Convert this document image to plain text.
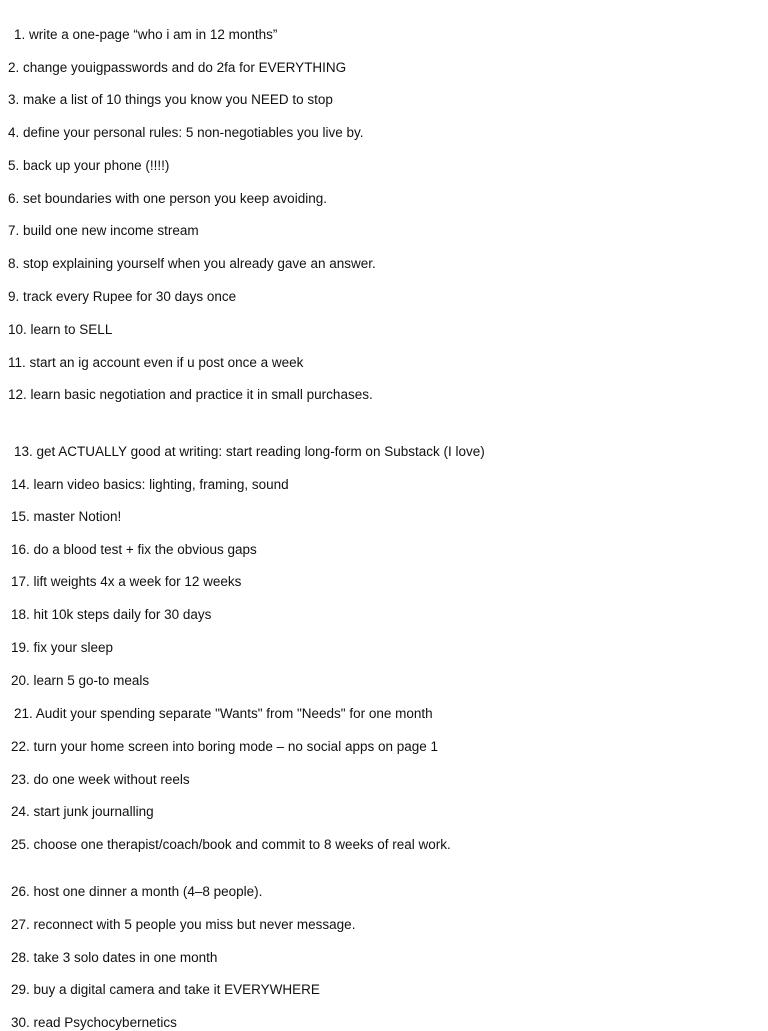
1. write a one-page “who i am in 12 months”
2. change youigpasswords and do 2fa for EVERYTHING
3. make a list of 10 things you know you NEED to stop
4. define your personal rules: 5 non-negotiables you live by.
5. back up your phone (!!!!)
6. set boundaries with one person you keep avoiding.
7. build one new income stream
8. stop explaining yourself when you already gave an answer.
9. track every Rupee for 30 days once
10. learn to SELL
11. start an ig account even if u post once a week
12. learn basic negotiation and practice it in small purchases.
13. get ACTUALLY good at writing: start reading long-form on Substack (I love)
14. learn video basics: lighting, framing, sound
15. master Notion!
16. do a blood test + fix the obvious gaps
17. lift weights 4x a week for 12 weeks
18. hit 10k steps daily for 30 days
19. fix your sleep
20. learn 5 go-to meals
21. Audit your spending separate "Wants" from "Needs" for one month
22. turn your home screen into boring mode – no social apps on page 1
23. do one week without reels
24. start junk journalling
25. choose one therapist/coach/book and commit to 8 weeks of real work.
26. host one dinner a month (4–8 people).
27. reconnect with 5 people you miss but never message.
28. take 3 solo dates in one month
29. buy a digital camera and take it EVERYWHERE
30. read Psychocybernetics
